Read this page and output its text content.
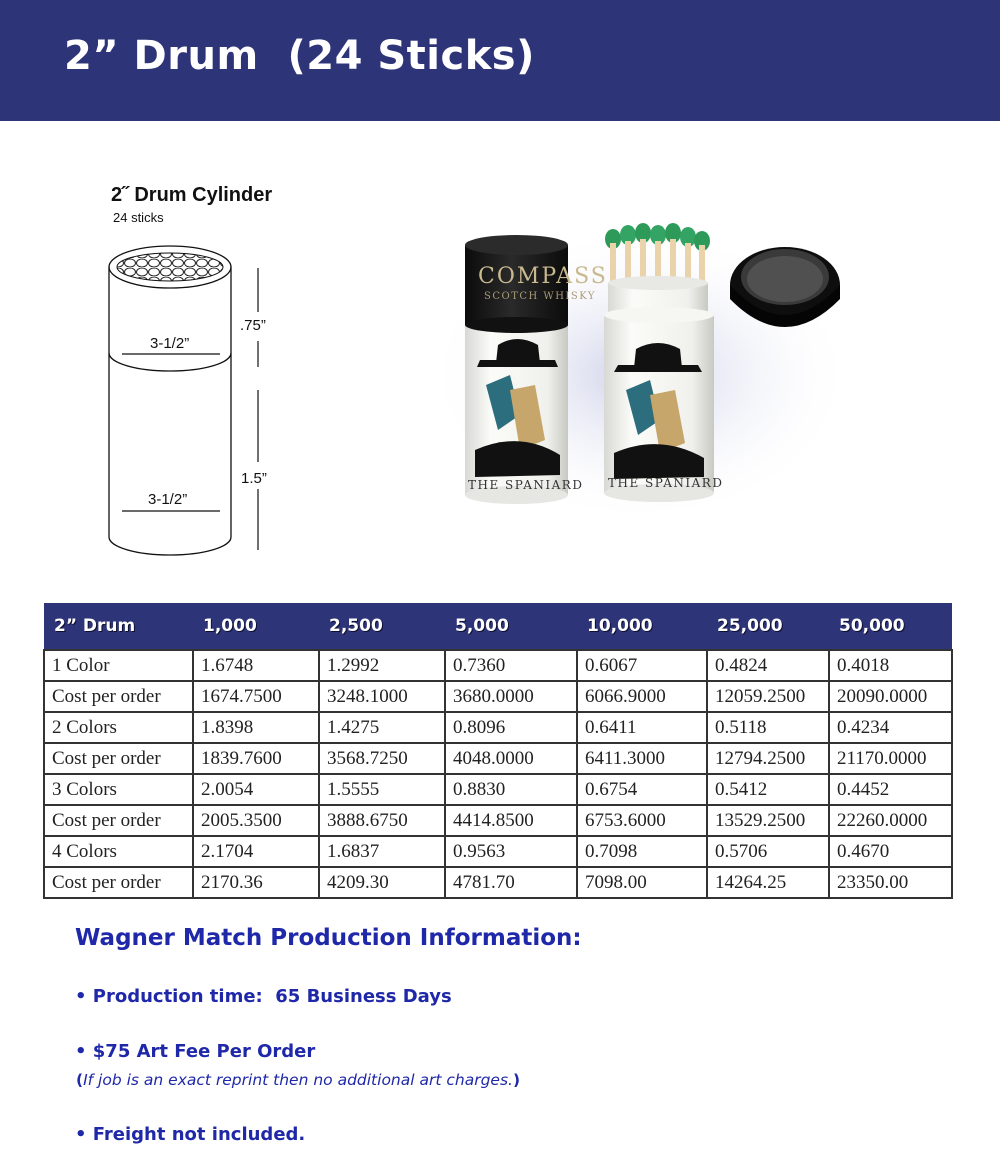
2” Drum  (24 Sticks)
2˝ Drum Cylinder
24 sticks
3-1/2”
3-1/2”
.75”
1.5”
COMPASS
SCOTCH WHISKY
THE SPANIARD THE SPANIARD
2” Drum	1,000	2,500	5,000	10,000	25,000	50,000
1 Color	1.6748	1.2992	0.7360	0.6067	0.4824	0.4018
Cost per order	1674.7500	3248.1000	3680.0000	6066.9000	12059.2500	20090.0000
2 Colors	1.8398	1.4275	0.8096	0.6411	0.5118	0.4234
Cost per order	1839.7600	3568.7250	4048.0000	6411.3000	12794.2500	21170.0000
3 Colors	2.0054	1.5555	0.8830	0.6754	0.5412	0.4452
Cost per order	2005.3500	3888.6750	4414.8500	6753.6000	13529.2500	22260.0000
4 Colors	2.1704	1.6837	0.9563	0.7098	0.5706	0.4670
Cost per order	2170.36	4209.30	4781.70	7098.00	14264.25	23350.00
Wagner Match Production Information:
• Production time:  65 Business Days
• $75 Art Fee Per Order
(If job is an exact reprint then no additional art charges.)
• Freight not included.
